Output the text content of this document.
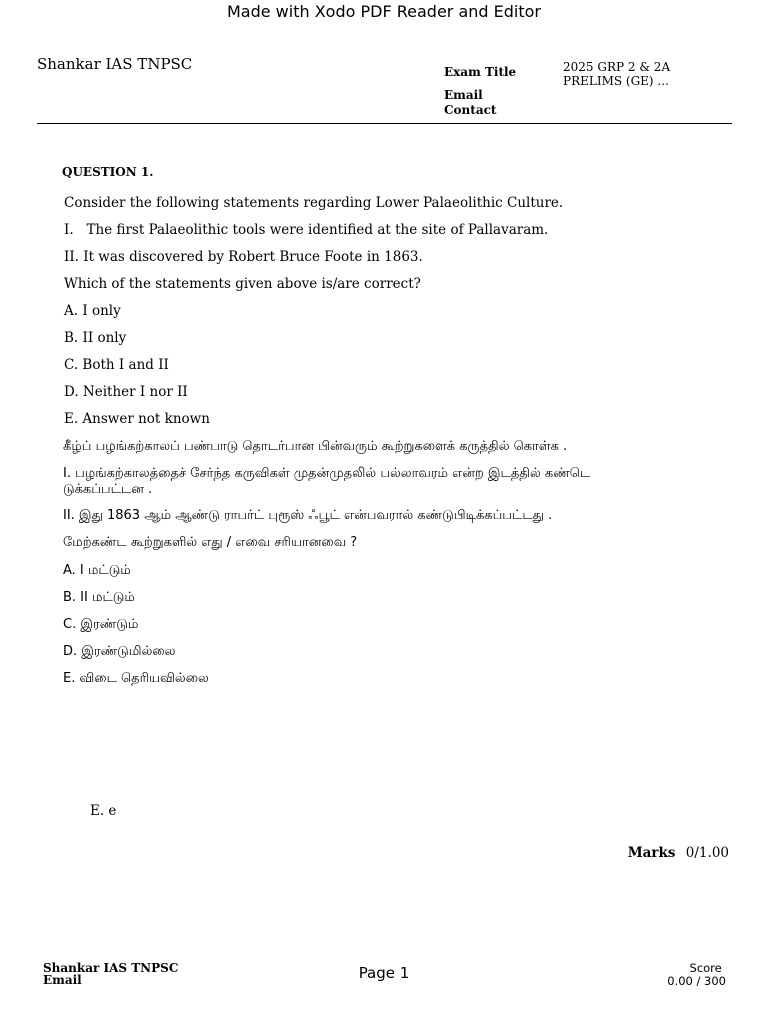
Made with Xodo PDF Reader and Editor
Shankar IAS TNPSC	Exam Title	2025 GRP 2 & 2A
PRELIMS (GE) ...
Email
Contact
QUESTION 1.
Consider the following statements regarding Lower Palaeolithic Culture.
I.   The first Palaeolithic tools were identified at the site of Pallavaram.
II. It was discovered by Robert Bruce Foote in 1863.
Which of the statements given above is/are correct?
A. I only
B. II only
C. Both I and II
D. Neither I nor II
E. Answer not known
கீழ்ப் பழங்கற்காலப் பண்பாடு தொடர்பான பின்வரும் கூற்றுகளைக் கருத்தில் கொள்க .
I. பழங்கற்காலத்தைச் சேர்ந்த கருவிகள் முதன்முதலில் பல்லாவரம் என்ற இடத்தில் கண்டெ
டுக்கப்பட்டன .
II. இது 1863 ஆம் ஆண்டு ராபர்ட் புரூஸ் ஃபூட் என்பவரால் கண்டுபிடிக்கப்பட்டது .
மேற்கண்ட கூற்றுகளில் எது / எவை சரியானவை ?
A. I மட்டும்
B. II மட்டும்
C. இரண்டும்
D. இரண்டுமில்லை
E. விடை தெரியவில்லை
E. e
Marks 0/1.00
Shankar IAS TNPSC
Email	Page 1	Score
0.00 / 300
